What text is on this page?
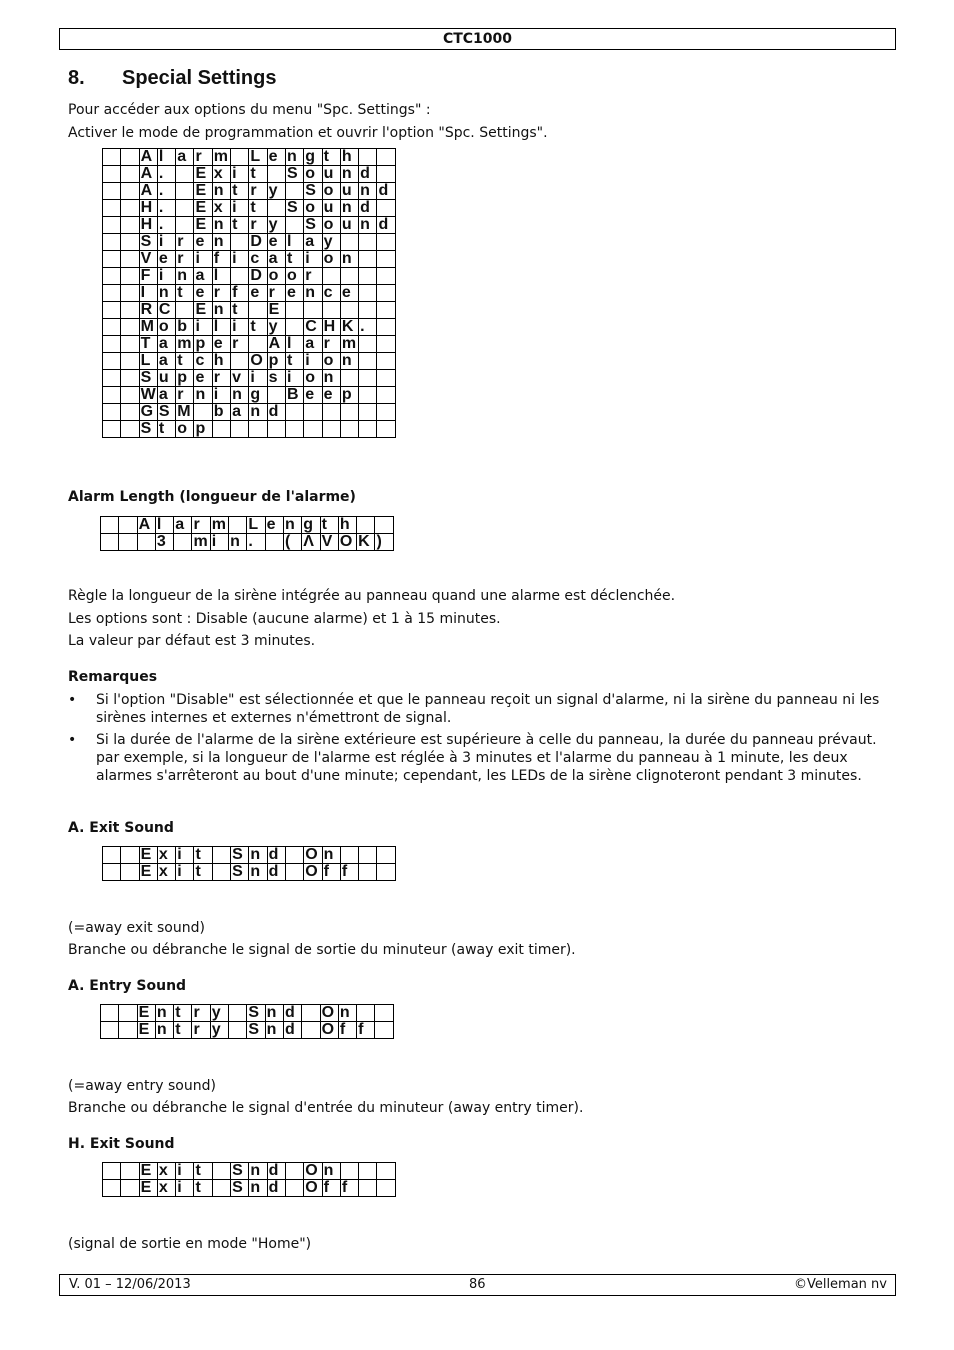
CTC1000
8. Special Settings
Pour accéder aux options du menu "Spc. Settings" :
Activer le mode de programmation et ouvrir l'option "Spc. Settings".
		A	l	a	r	m		L	e	n	g	t	h		
		A	.		E	x	i	t		S	o	u	n	d	
		A	.		E	n	t	r	y		S	o	u	n	d
		H	.		E	x	i	t		S	o	u	n	d	
		H	.		E	n	t	r	y		S	o	u	n	d
		S	i	r	e	n		D	e	l	a	y			
		V	e	r	i	f	i	c	a	t	i	o	n		
		F	i	n	a	l		D	o	o	r				
		I	n	t	e	r	f	e	r	e	n	c	e		
		R	C		E	n	t		E						
		M	o	b	i	l	i	t	y		C	H	K	.	
		T	a	m	p	e	r		A	l	a	r	m		
		L	a	t	c	h		O	p	t	i	o	n		
		S	u	p	e	r	v	i	s	i	o	n			
		W	a	r	n	i	n	g		B	e	e	p		
		G	S	M		b	a	n	d						
		S	t	o	p										
Alarm Length (longueur de l'alarme)
		A	l	a	r	m		L	e	n	g	t	h		
			3		m	i	n	.		(	Λ	V	O	K	)
Règle la longueur de la sirène intégrée au panneau quand une alarme est déclenchée.
Les options sont : Disable (aucune alarme) et 1 à 15 minutes.
La valeur par défaut est 3 minutes.
Remarques
• Si l'option "Disable" est sélectionnée et que le panneau reçoit un signal d'alarme, ni la sirène du panneau ni les sirènes internes et externes n'émettront de signal.
• Si la durée de l'alarme de la sirène extérieure est supérieure à celle du panneau, la durée du panneau prévaut. par exemple, si la longueur de l'alarme est réglée à 3 minutes et l'alarme du panneau à 1 minute, les deux alarmes s'arrêteront au bout d'une minute; cependant, les LEDs de la sirène clignoteront pendant 3 minutes.
A. Exit Sound
		E	x	i	t		S	n	d		O	n			
		E	x	i	t		S	n	d		O	f	f		
(=away exit sound)
Branche ou débranche le signal de sortie du minuteur (away exit timer).
A. Entry Sound
		E	n	t	r	y		S	n	d		O	n		
		E	n	t	r	y		S	n	d		O	f	f	
(=away entry sound)
Branche ou débranche le signal d'entrée du minuteur (away entry timer).
H. Exit Sound
		E	x	i	t		S	n	d		O	n			
		E	x	i	t		S	n	d		O	f	f		
(signal de sortie en mode "Home")
V. 01 – 12/06/2013	86	©Velleman nv
